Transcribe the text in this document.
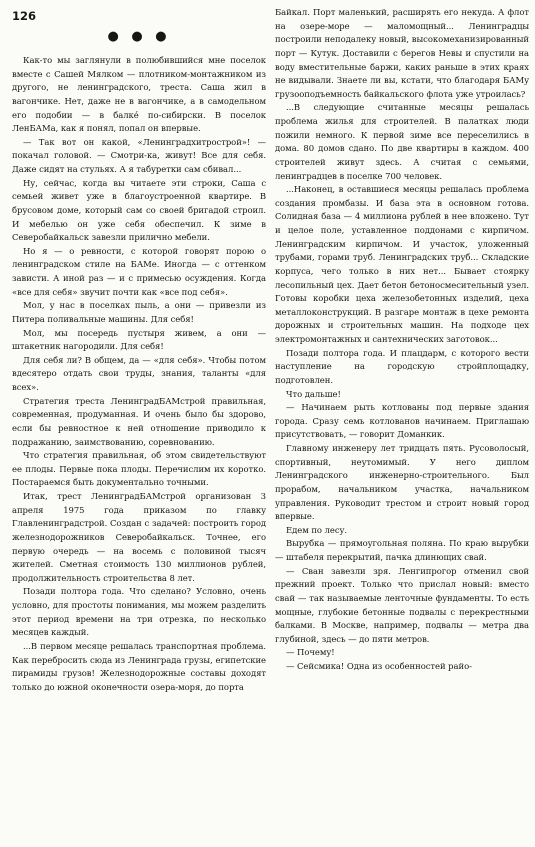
126
● ● ●

Как-то мы заглянули в полюбившийся мне поселок вместе с Сашей Мялком — плотником-монтажником из другого, не ленинградского, треста. Саша жил в вагончике. Нет, даже не в вагончике, а в самодельном его подобии — в балкé по-сибирски. В поселок ЛенБАМа, как я понял, попал он впервые.

— Так вот он какой, «Ленинградхитрострой»! — покачал головой. — Смотри-ка, живут! Все для себя. Даже сидят на стульях. А я табуретки сам сбивал...

Ну, сейчас, когда вы читаете эти строки, Саша с семьей живет уже в благоустроенной квартире. В брусовом доме, который сам со своей бригадой строил. И мебелью он уже себя обеспечил. К зиме в Северобайкальск завезли прилично мебели.

Но я — о ревности, с которой говорят порою о ленинградском стиле на БАМе. Иногда — с оттенком зависти. А иной раз — и с примесью осуждения. Когда «все для себя» звучит почти как «все под себя».

Мол, у нас в поселках пыль, а они — привезли из Питера поливальные машины. Для себя!

Мол, мы посередь пустыря живем, а они — штакетник нагородили. Для себя!

Для себя ли? В общем, да — «для себя». Чтобы потом вдесятеро отдать свои труды, знания, таланты «для всех».

Стратегия треста ЛенинградБАМстрой правильная, современная, продуманная. И очень было бы здорово, если бы ревностное к ней отношение приводило к подражанию, заимствованию, соревнованию.

Что стратегия правильная, об этом свидетельствуют ее плоды. Первые пока плоды. Перечислим их коротко. Постараемся быть документально точными.

Итак, трест ЛенинградБАМстрой организован 3 апреля 1975 года приказом по главку Главленинградстрой. Создан с задачей: построить город железнодорожников Северобайкальск. Точнее, его первую очередь — на восемь с половиной тысяч жителей. Сметная стоимость 130 миллионов рублей, продолжительность строительства 8 лет.

Позади полтора года. Что сделано? Условно, очень условно, для простоты понимания, мы можем разделить этот период времени на три отрезка, по несколько месяцев каждый.

...В первом месяце решалась транспортная проблема. Как перебросить сюда из Ленинграда грузы, египетские пирамиды грузов! Железнодорожные составы доходят только до южной оконечности озера-моря, до порта

Байкал. Порт маленький, расширять его некуда. А флот на озере-море — маломощный... Ленинградцы построили неподалеку новый, высокомеханизированный порт — Кутук. Доставили с берегов Невы и спустили на воду вместительные баржи, каких раньше в этих краях не видывали. Знаете ли вы, кстати, что благодаря БАМу грузооподъемность байкальского флота уже утроилась?

...В следующие считанные месяцы решалась проблема жилья для строителей. В палатках люди пожили немного. К первой зиме все переселились в дома. 80 домов сдано. По две квартиры в каждом. 400 строителей живут здесь. А считая с семьями, ленинградцев в поселке 700 человек.

...Наконец, в оставшиеся месяцы решалась проблема создания промбазы. И база эта в основном готова. Солидная база — 4 миллиона рублей в нее вложено. Тут и целое поле, уставленное поддонами с кирпичом. Ленинградским кирпичом. И участок, уложенный трубами, горами труб. Ленинградских труб... Складские корпуса, чего только в них нет... Бывает стоярку лесопильный цех. Дает бетон бетоносмесительный узел. Готовы коробки цеха железобетонных изделий, цеха металлоконструкций. В разгаре монтаж в цехе ремонта дорожных и строительных машин. На подходе цех электромонтажных и сантехнических заготовок...

Позади полтора года. И плацдарм, с которого вести наступление на городскую стройплощадку, подготовлен.

Что дальше!

— Начинаем рыть котлованы под первые здания города. Сразу семь котлованов начинаем. Приглашаю присутствовать, — говорит Доманкик.

Главному инженеру лет тридцать пять. Русоволосый, спортивный, неутомимый. У него диплом Ленинградского инженерно-строительного. Был прорабом, начальником участка, начальником управления. Руководит трестом и строит новый город впервые.

Едем по лесу.

Вырубка — прямоугольная поляна. По краю вырубки — штабеля перекрытий, пачка длинющих свай.

— Сван завезли зря. Ленгипрогор отменил свой прежний проект. Только что прислал новый: вместо свай — так называемые ленточные фундаменты. То есть мощные, глубокие бетонные подвалы с перекрестными балками. В Москве, например, подвалы — метра два глубиной, здесь — до пяти метров.

— Почему!

— Сейсмика! Одна из особенностей райо-
